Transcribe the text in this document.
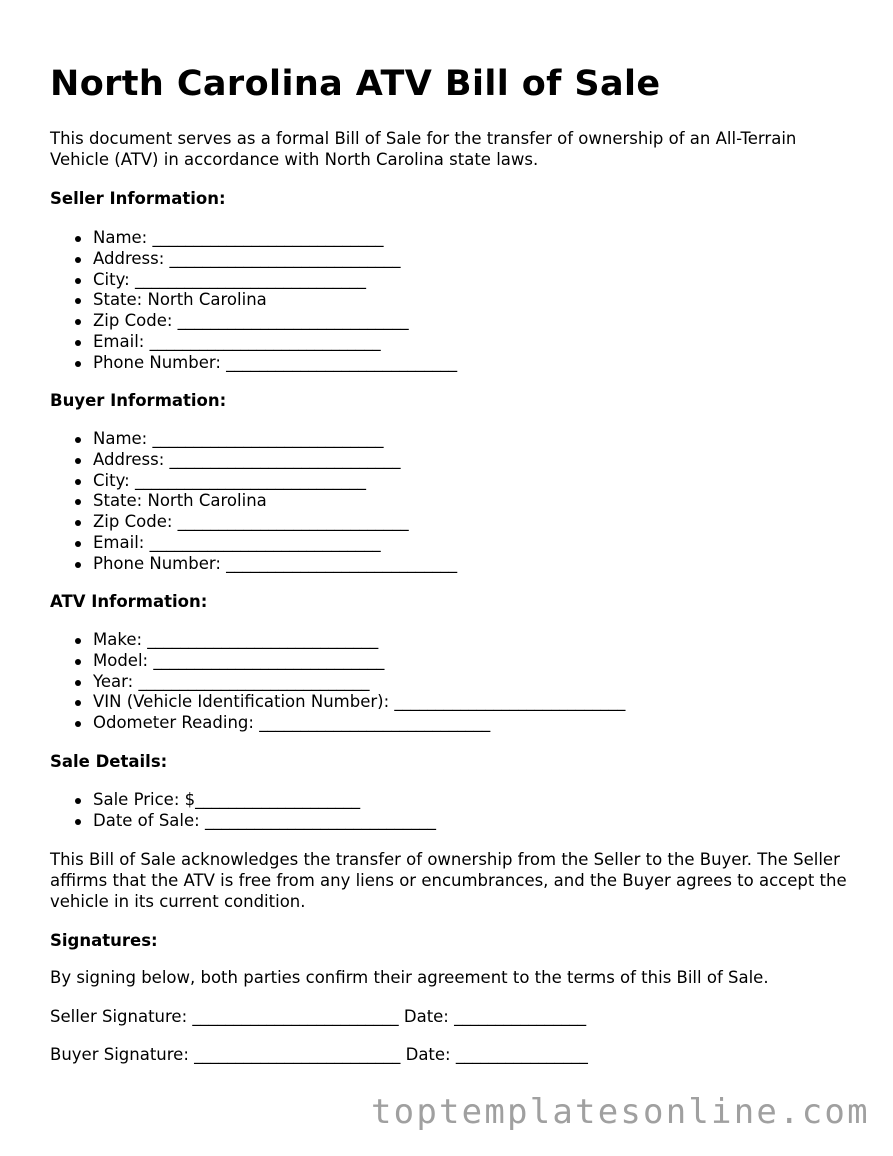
North Carolina ATV Bill of Sale

This document serves as a formal Bill of Sale for the transfer of ownership of an All-Terrain Vehicle (ATV) in accordance with North Carolina state laws.

Seller Information:

Name: ____________________________
Address: ____________________________
City: ____________________________
State: North Carolina
Zip Code: ____________________________
Email: ____________________________
Phone Number: ____________________________

Buyer Information:

Name: ____________________________
Address: ____________________________
City: ____________________________
State: North Carolina
Zip Code: ____________________________
Email: ____________________________
Phone Number: ____________________________

ATV Information:

Make: ____________________________
Model: ____________________________
Year: ____________________________
VIN (Vehicle Identification Number): ____________________________
Odometer Reading: ____________________________

Sale Details:

Sale Price: $____________________
Date of Sale: ____________________________

This Bill of Sale acknowledges the transfer of ownership from the Seller to the Buyer. The Seller affirms that the ATV is free from any liens or encumbrances, and the Buyer agrees to accept the vehicle in its current condition.

Signatures:

By signing below, both parties confirm their agreement to the terms of this Bill of Sale.

Seller Signature: _________________________ Date: ________________

Buyer Signature: _________________________ Date: ________________

toptemplatesonline.com
